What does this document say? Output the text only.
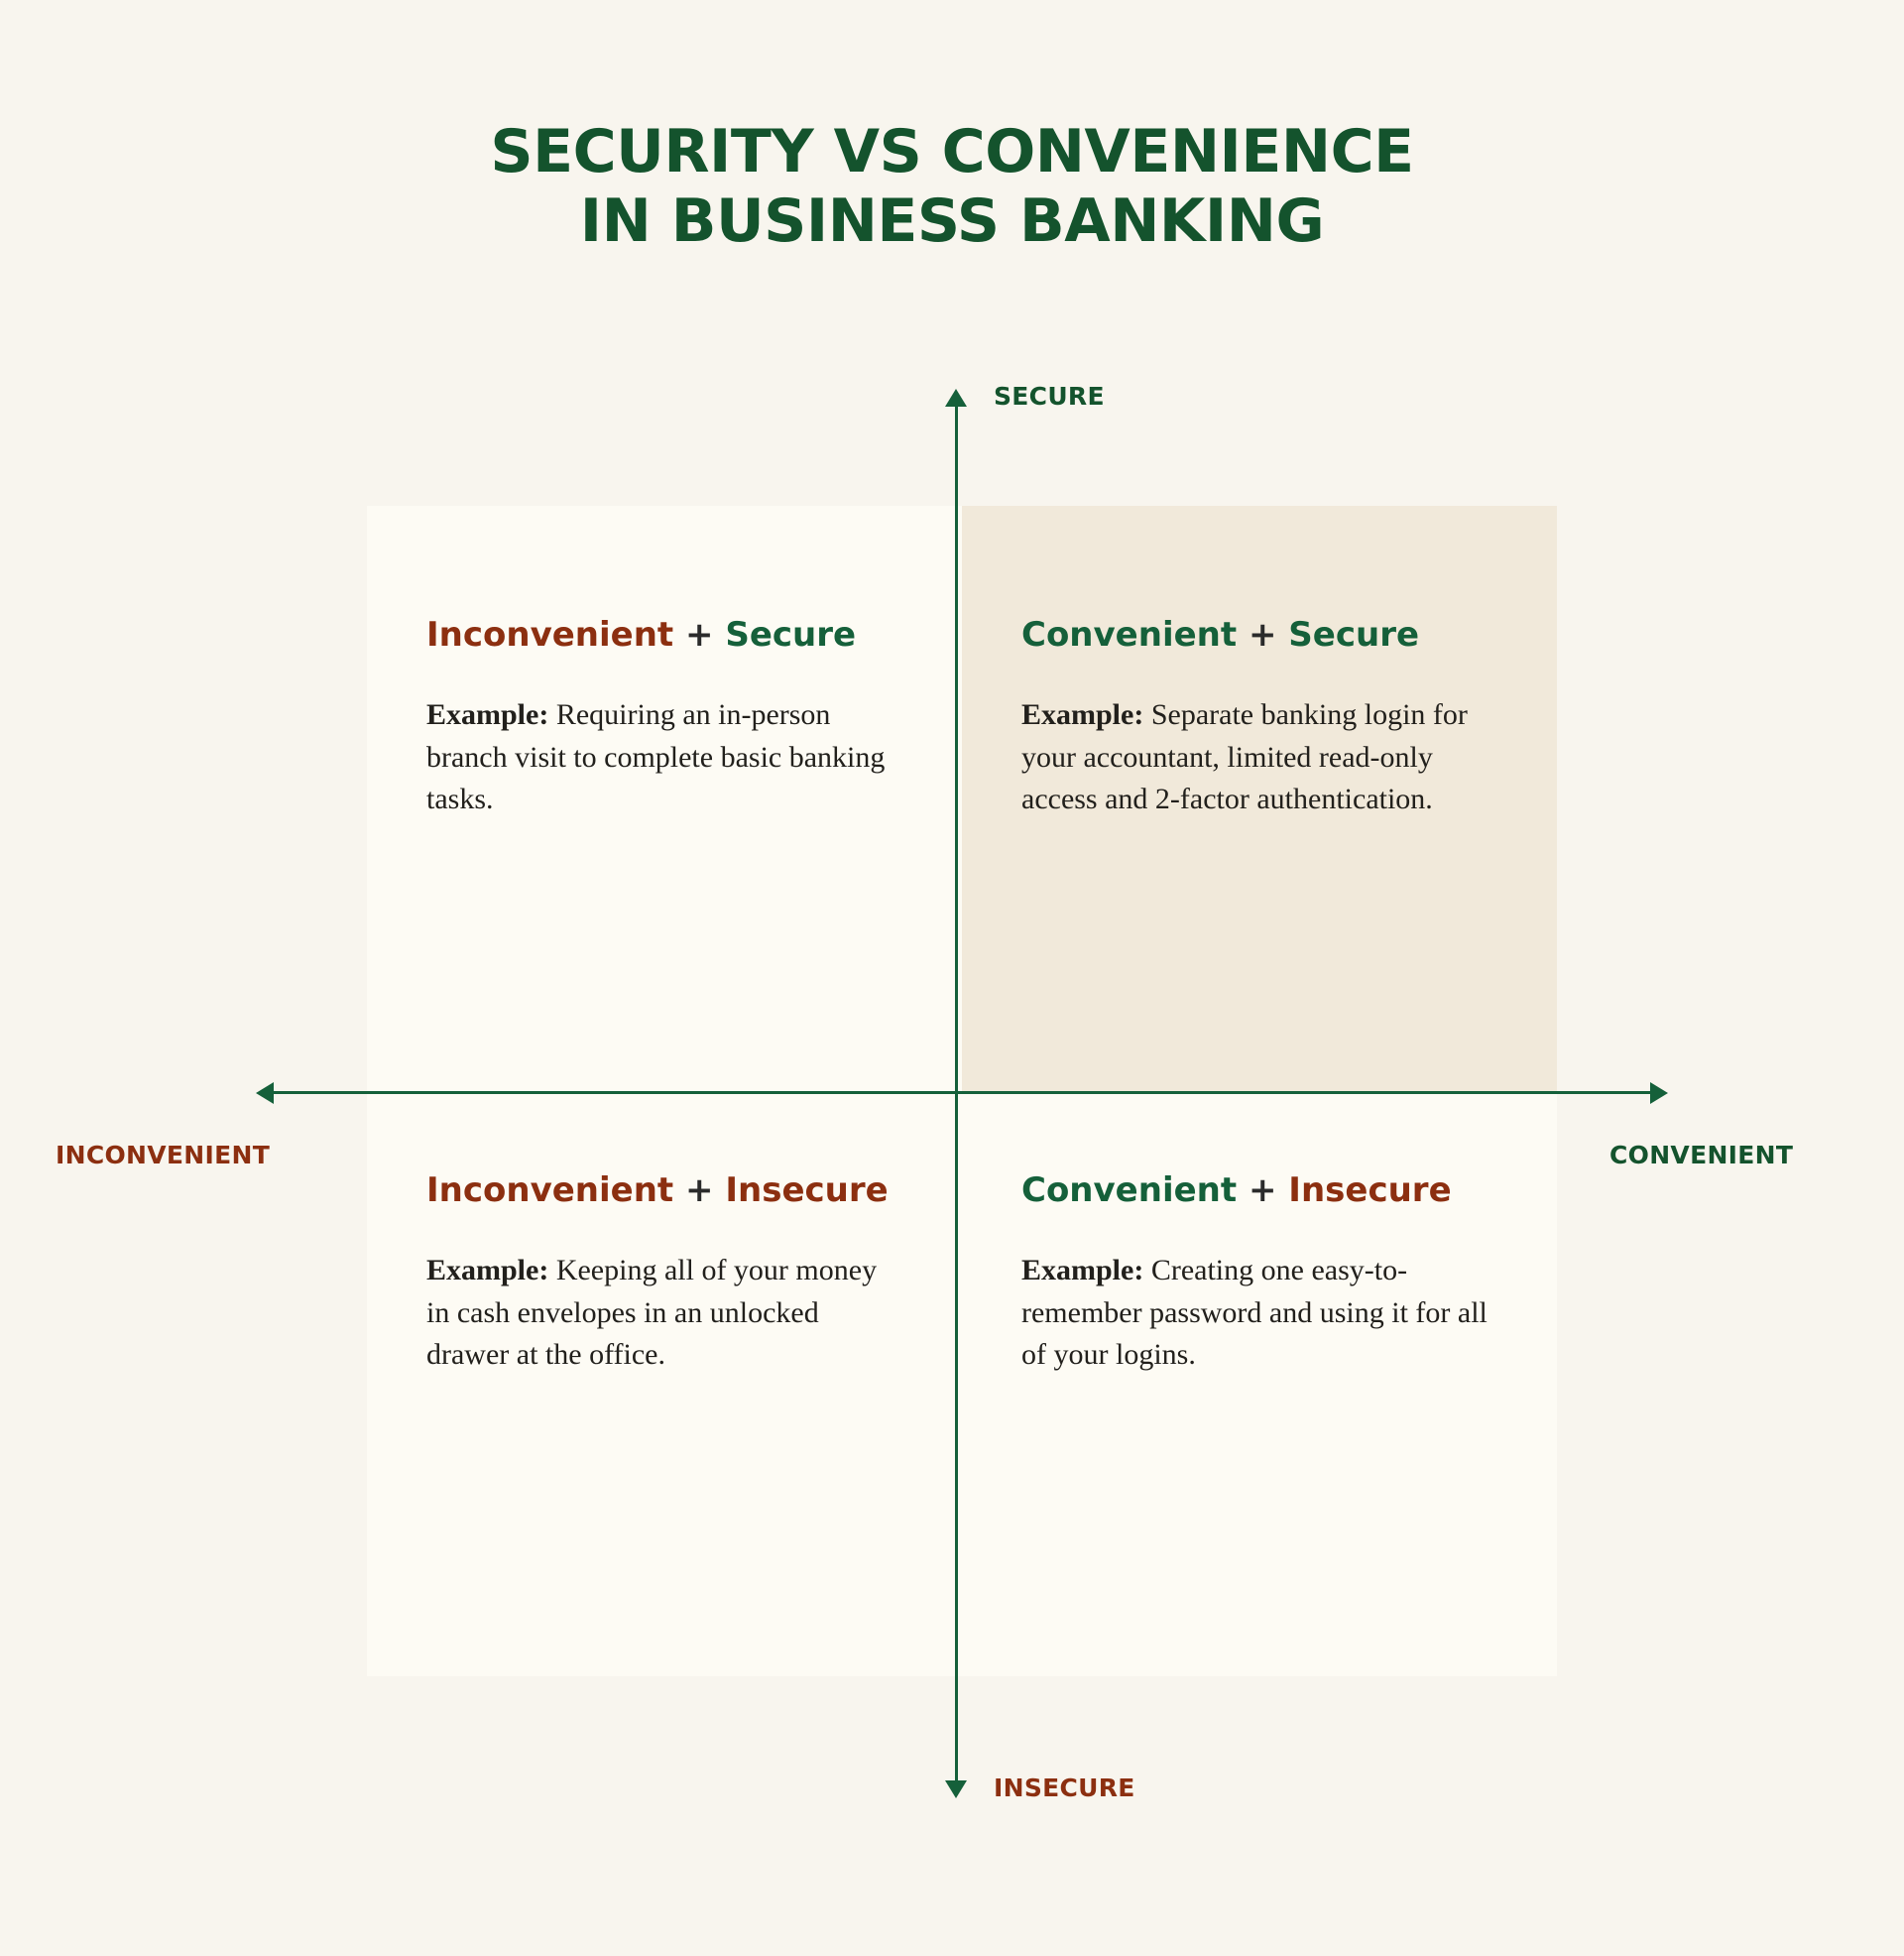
SECURITY VS CONVENIENCE
IN BUSINESS BANKING
Inconvenient + Secure
Example: Requiring an in-person branch visit to complete basic banking tasks.
Convenient + Secure
Example: Separate banking login for your accountant, limited read-only access and 2-factor authentication.
Inconvenient + Insecure
Example: Keeping all of your money in cash envelopes in an unlocked drawer at the office.
Convenient + Insecure
Example: Creating one easy-to-remember password and using it for all of your logins.
SECURE
INSECURE
INCONVENIENT	CONVENIENT
